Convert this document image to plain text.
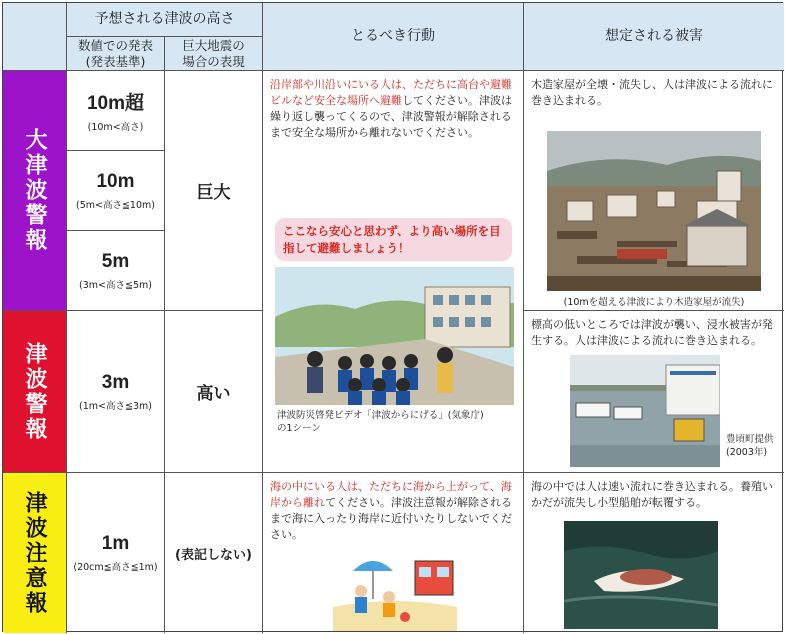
予想される津波の高さ
数値での発表
(発表基準)
巨大地震の
場合の表現
とるべき行動	想定される被害
大津波警報
津波警報
津波注意報
10m超
(10m<高さ)
10m
(5m<高さ≦10m)
5m
(3m<高さ≦5m)
3m
(1m<高さ≦3m)
1m
(20cm≦高さ≦1m)
巨大
高い
(表記しない)
沿岸部や川沿いにいる人は、ただちに高台や避難ビルなど安全な場所へ避難してください。津波は繰り返し襲ってくるので、津波警報が解除されるまで安全な場所から離れないでください。
ここなら安心と思わず、より高い場所を目指して避難しましょう！
津波防災啓発ビデオ「津波からにげる」(気象庁)
の1シーン
海の中にいる人は、ただちに海から上がって、海岸から離れてください。津波注意報が解除されるまで海に入ったり海岸に近付いたりしないでください。
木造家屋が全壊・流失し、人は津波による流れに巻き込まれる。
(10mを超える津波により木造家屋が流失)
標高の低いところでは津波が襲い、浸水被害が発生する。人は津波による流れに巻き込まれる。
豊頃町提供
(2003年)
海の中では人は速い流れに巻き込まれる。養殖いかだが流失し小型船舶が転覆する。
